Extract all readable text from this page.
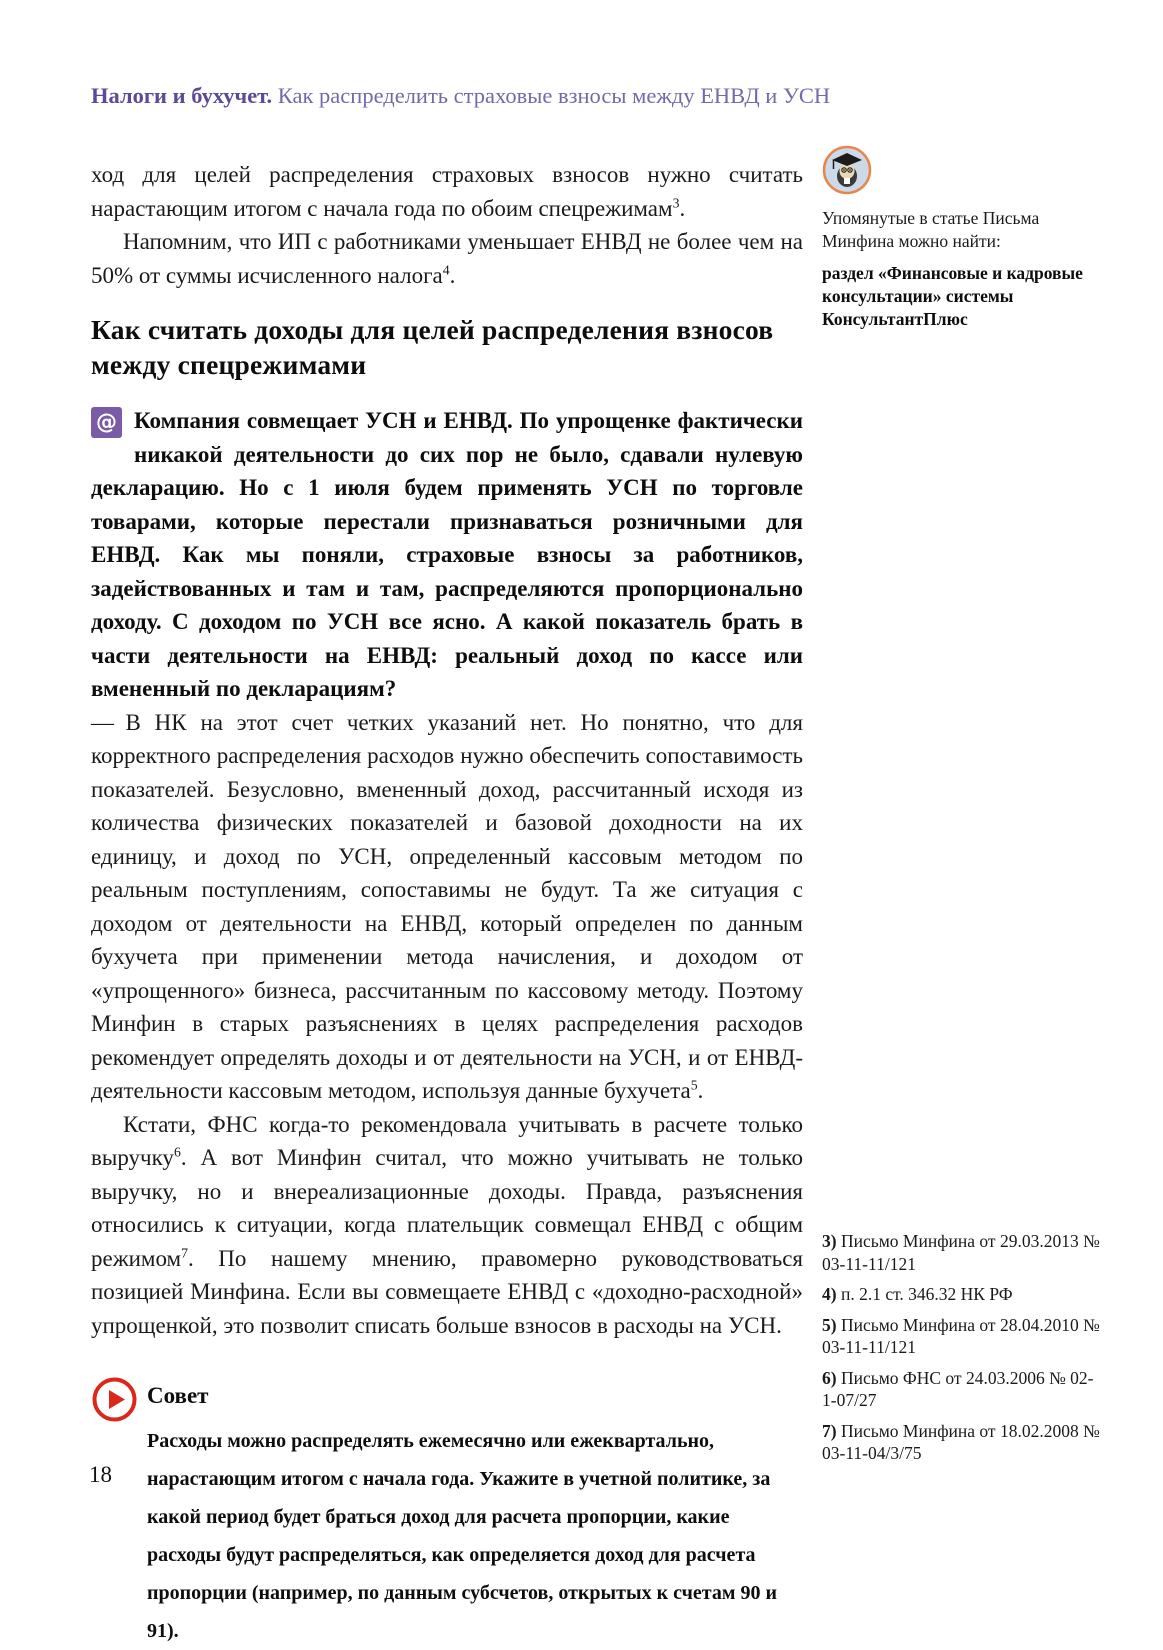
Налоги и бухучет. Как распределить страховые взносы между ЕНВД и УСН

ход для целей распределения страховых взносов нужно считать нарастающим итогом с начала года по обоим спецрежимам$^3$.

Напомним, что ИП с работниками уменьшает ЕНВД не более чем на 50% от суммы исчисленного налога$^4$.

Как считать доходы для целей распределения взносов между спецрежимами
@ Компания совмещает УСН и ЕНВД. По упрощенке фактически никакой деятельности до сих пор не было, сдавали нулевую декларацию. Но с 1 июля будем применять УСН по торговле товарами, которые перестали признаваться розничными для ЕНВД. Как мы поняли, страховые взносы за работников, задействованных и там и там, распределяются пропорционально доходу. С доходом по УСН все ясно. А какой показатель брать в части деятельности на ЕНВД: реальный доход по кассе или вмененный по декларациям?

— В НК на этот счет четких указаний нет. Но понятно, что для корректного распределения расходов нужно обеспечить сопоставимость показателей. Безусловно, вмененный доход, рассчитанный исходя из количества физических показателей и базовой доходности на их единицу, и доход по УСН, определенный кассовым методом по реальным поступлениям, сопоставимы не будут. Та же ситуация с доходом от деятельности на ЕНВД, который определен по данным бухучета при применении метода начисления, и доходом от «упрощенного» бизнеса, рассчитанным по кассовому методу. Поэтому Минфин в старых разъяснениях в целях распределения расходов рекомендует определять доходы и от деятельности на УСН, и от ЕНВД-деятельности кассовым методом, используя данные бухучета$^5$.

Кстати, ФНС когда-то рекомендовала учитывать в расчете только выручку$^6$. А вот Минфин считал, что можно учитывать не только выручку, но и внереализационные доходы. Правда, разъяснения относились к ситуации, когда плательщик совмещал ЕНВД с общим режимом$^7$. По нашему мнению, правомерно руководствоваться позицией Минфина. Если вы совмещаете ЕНВД с «доходно-расходной» упрощенкой, это позволит списать больше взносов в расходы на УСН.

Совет
Расходы можно распределять ежемесячно или ежеквартально, нарастающим итогом с начала года. Укажите в учетной политике, за какой период будет браться доход для расчета пропорции, какие расходы будут распределяться, как определяется доход для расчета пропорции (например, по данным субсчетов, открытых к счетам 90 и 91).

Упомянутые в статье Письма Минфина можно найти:

раздел «Финансовые и кадровые консультации» системы КонсультантПлюс

3) Письмо Минфина от 29.03.2013 № 03-11-11/121
4) п. 2.1 ст. 346.32 НК РФ
5) Письмо Минфина от 28.04.2010 № 03-11-11/121
6) Письмо ФНС от 24.03.2006 № 02-1-07/27
7) Письмо Минфина от 18.02.2008 № 03-11-04/3/75
18
